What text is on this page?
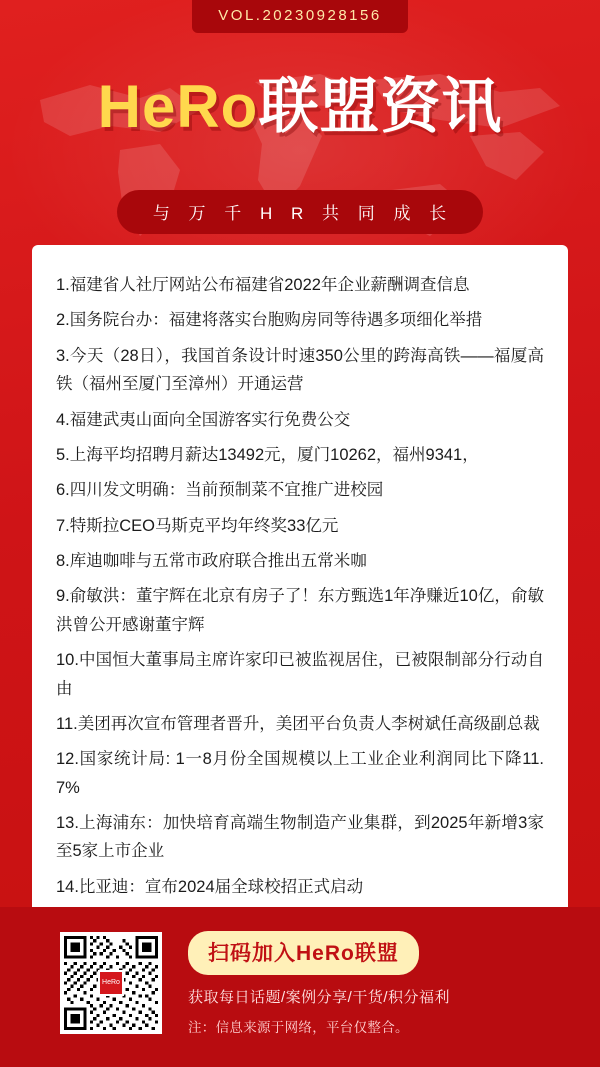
VOL.20230928156
HeRo联盟资讯
与 万 千 H R 共 同 成 长
1.福建省人社厅网站公布福建省2022年企业薪酬调查信息
2.国务院台办：福建将落实台胞购房同等待遇多项细化举措
3.今天（28日），我国首条设计时速350公里的跨海高铁——福厦高铁（福州至厦门至漳州）开通运营
4.福建武夷山面向全国游客实行免费公交
5.上海平均招聘月薪达13492元，厦门10262，福州9341，
6.四川发文明确：当前预制菜不宜推广进校园
7.特斯拉CEO马斯克平均年终奖33亿元
8.库迪咖啡与五常市政府联合推出五常米咖
9.俞敏洪：董宇辉在北京有房子了！东方甄选1年净赚近10亿，俞敏洪曾公开感谢董宇辉
10.中国恒大董事局主席许家印已被监视居住，已被限制部分行动自由
11.美团再次宣布管理者晋升，美团平台负责人李树斌任高级副总裁
12.国家统计局: 1一8月份全国规模以上工业企业利润同比下降11.7%
13.上海浦东：加快培育高端生物制造产业集群，到2025年新增3家至5家上市企业
14.比亚迪：宣布2024届全球校招正式启动
HeRo
扫码加入HeRo联盟
获取每日话题/案例分享/干货/积分福利
注：信息来源于网络，平台仅整合。
